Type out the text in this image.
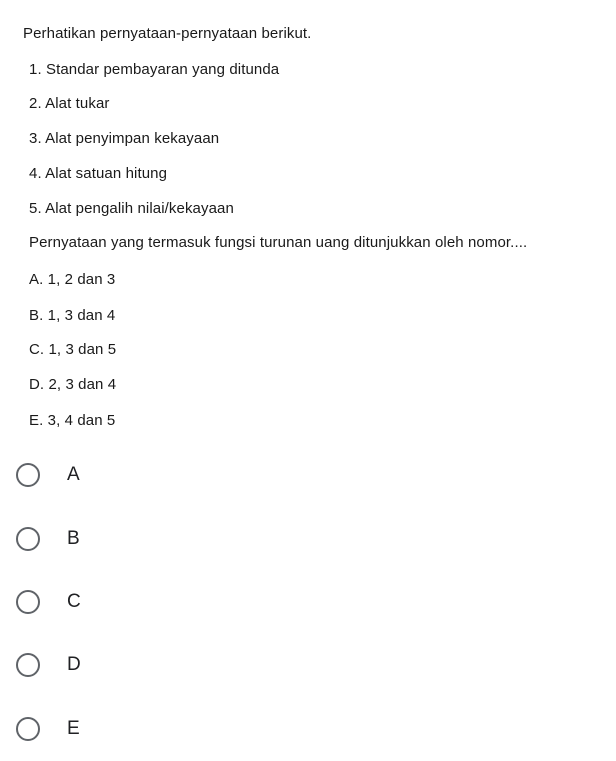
Perhatikan pernyataan-pernyataan berikut.
1. Standar pembayaran yang ditunda
2. Alat tukar
3. Alat penyimpan kekayaan
4. Alat satuan hitung
5. Alat pengalih nilai/kekayaan
Pernyataan yang termasuk fungsi turunan uang ditunjukkan oleh nomor....
A. 1, 2 dan 3
B. 1, 3 dan 4
C. 1, 3 dan 5
D. 2, 3 dan 4
E. 3, 4 dan 5
A
B
C
D
E
